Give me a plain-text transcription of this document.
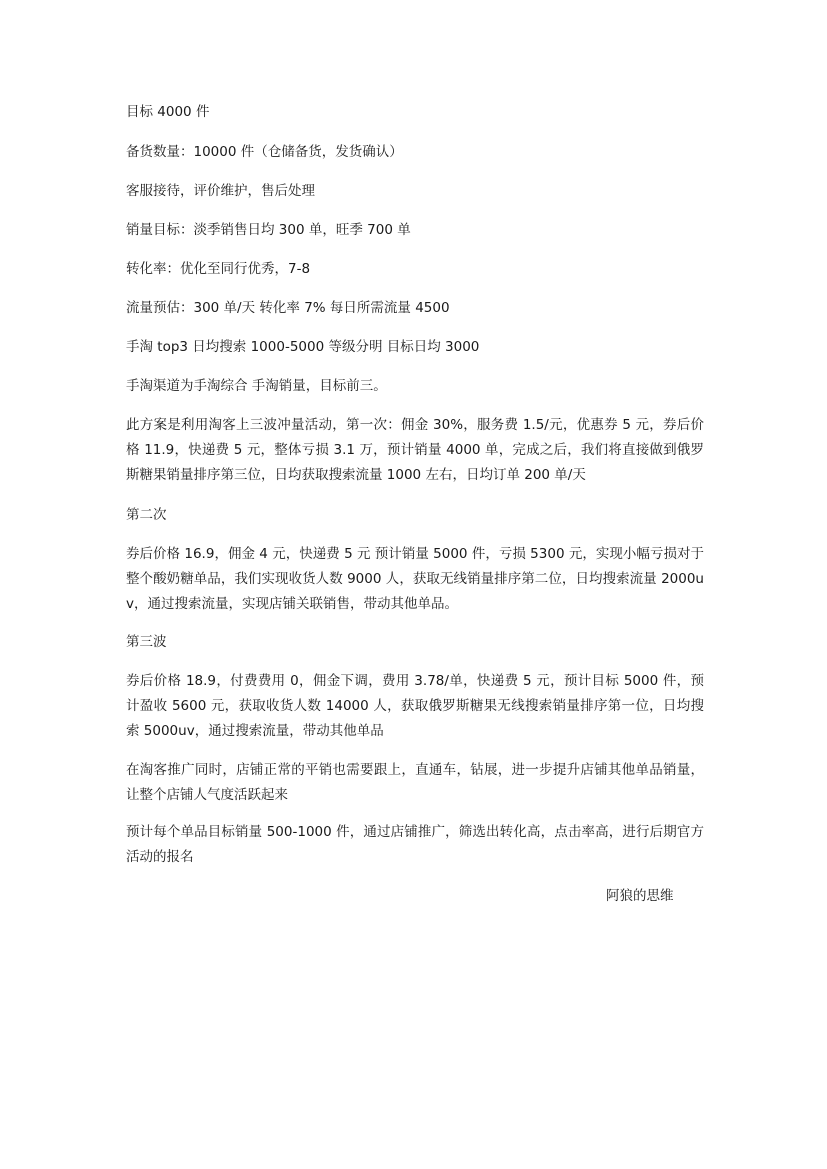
目标 4000 件

备货数量：10000 件（仓储备货，发货确认）

客服接待，评价维护，售后处理

销量目标：淡季销售日均 300 单，旺季 700 单

转化率：优化至同行优秀，7-8

流量预估：300 单/天 转化率 7% 每日所需流量 4500

手淘 top3 日均搜索 1000-5000 等级分明 目标日均 3000

手淘渠道为手淘综合 手淘销量，目标前三。

此方案是利用淘客上三波冲量活动，第一次：佣金 30%，服务费 1.5/元，优惠券 5 元，券后价格 11.9，快递费 5 元，整体亏损 3.1 万，预计销量 4000 单，完成之后，我们将直接做到俄罗斯糖果销量排序第三位，日均获取搜索流量 1000 左右，日均订单 200 单/天

第二次

券后价格 16.9，佣金 4 元，快递费 5 元 预计销量 5000 件，亏损 5300 元，实现小幅亏损对于整个酸奶糖单品，我们实现收货人数 9000 人，获取无线销量排序第二位，日均搜索流量 2000uv，通过搜索流量，实现店铺关联销售，带动其他单品。

第三波

券后价格 18.9，付费费用 0，佣金下调，费用 3.78/单，快递费 5 元，预计目标 5000 件，预计盈收 5600 元，获取收货人数 14000 人，获取俄罗斯糖果无线搜索销量排序第一位，日均搜索 5000uv，通过搜索流量，带动其他单品

在淘客推广同时，店铺正常的平销也需要跟上，直通车，钻展，进一步提升店铺其他单品销量，让整个店铺人气度活跃起来

预计每个单品目标销量 500-1000 件，通过店铺推广，筛选出转化高，点击率高，进行后期官方活动的报名

阿狼的思维
